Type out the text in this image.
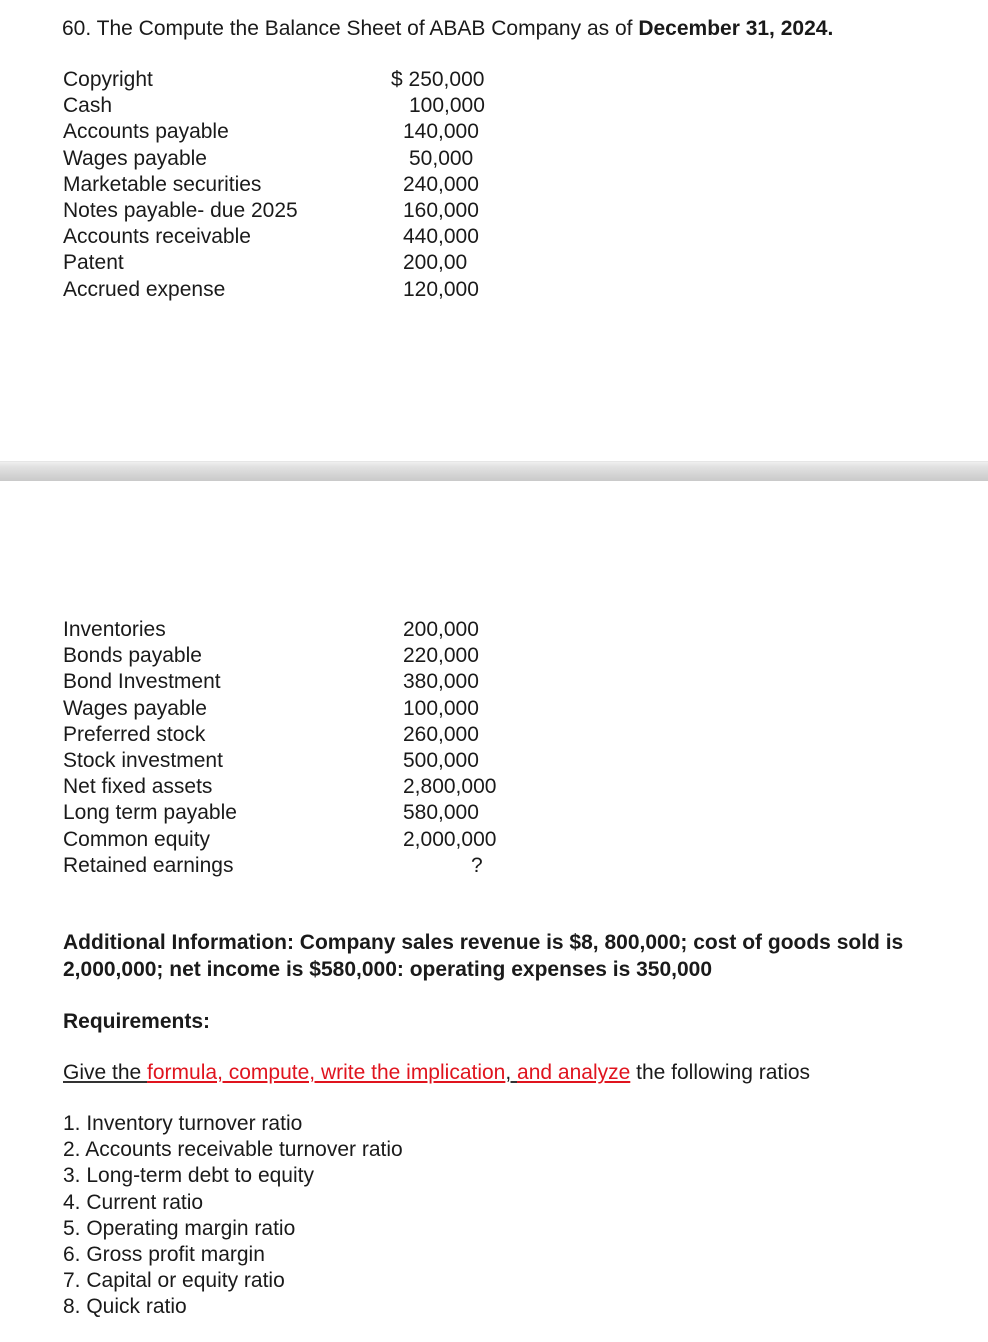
60. The Compute the Balance Sheet of ABAB Company as of December 31, 2024.
Copyright	$ 250,000
Cash	100,000
Accounts payable	140,000
Wages payable	50,000
Marketable securities	240,000
Notes payable- due 2025	160,000
Accounts receivable	440,000
Patent	200,00
Accrued expense	120,000
Inventories	200,000
Bonds payable	220,000
Bond Investment	380,000
Wages payable	100,000
Preferred stock	260,000
Stock investment	500,000
Net fixed assets	2,800,000
Long term payable	580,000
Common equity	2,000,000
Retained earnings	?
Additional Information: Company sales revenue is $8, 800,000; cost of goods sold is 2,000,000; net income is $580,000: operating expenses is 350,000
Requirements:
Give the formula, compute, write the implication, and analyze the following ratios
1. Inventory turnover ratio
2. Accounts receivable turnover ratio
3. Long-term debt to equity
4. Current ratio
5. Operating margin ratio
6. Gross profit margin
7. Capital or equity ratio
8. Quick ratio
